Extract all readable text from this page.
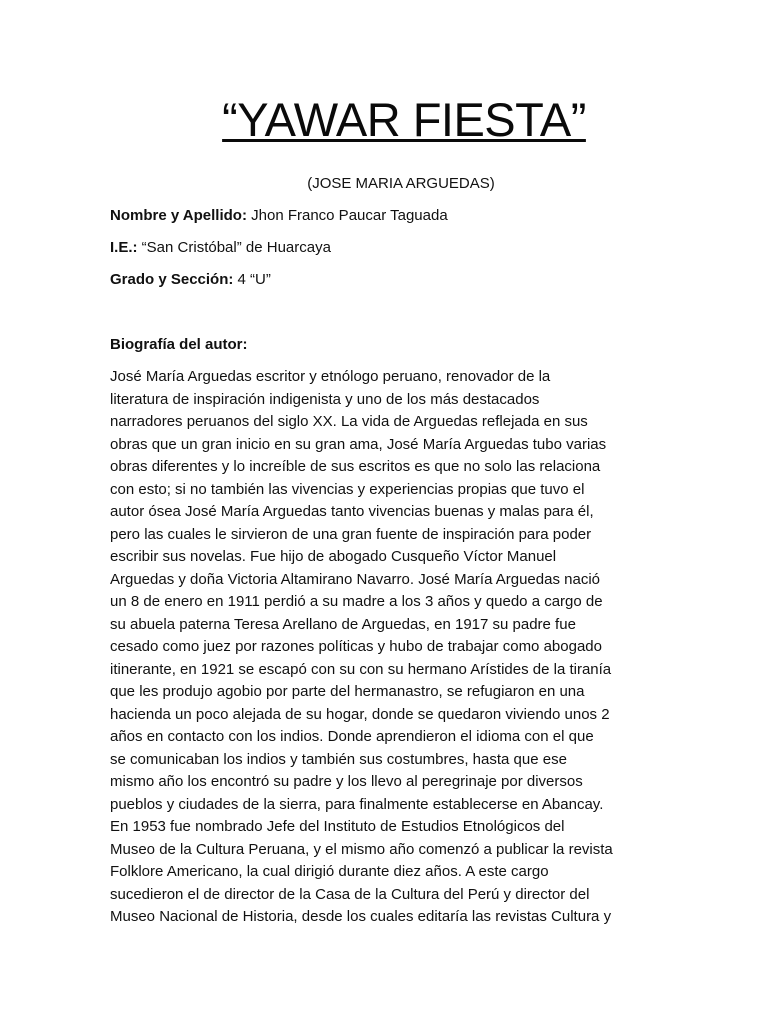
“YAWAR FIESTA”
(JOSE MARIA ARGUEDAS)
Nombre y Apellido: Jhon Franco Paucar Taguada
I.E.: “San Cristóbal” de Huarcaya
Grado y Sección: 4 “U”
Biografía del autor:
José María Arguedas escritor y etnólogo peruano, renovador de la
literatura de inspiración indigenista y uno de los más destacados
narradores peruanos del siglo XX. La vida de Arguedas reflejada en sus
obras que un gran inicio en su gran ama, José María Arguedas tubo varias
obras diferentes y lo increíble de sus escritos es que no solo las relaciona
con esto; si no también las vivencias y experiencias propias que tuvo el
autor ósea José María Arguedas tanto vivencias buenas y malas para él,
pero las cuales le sirvieron de una gran fuente de inspiración para poder
escribir sus novelas. Fue hijo de abogado Cusqueño Víctor Manuel
Arguedas y doña Victoria Altamirano Navarro. José María Arguedas nació
un 8 de enero en 1911 perdió a su madre a los 3 años y quedo a cargo de
su abuela paterna Teresa Arellano de Arguedas, en 1917 su padre fue
cesado como juez por razones políticas y hubo de trabajar como abogado
itinerante, en 1921 se escapó con su con su hermano Arístides de la tiranía
que les produjo agobio por parte del hermanastro, se refugiaron en una
hacienda un poco alejada de su hogar, donde se quedaron viviendo unos 2
años en contacto con los indios. Donde aprendieron el idioma con el que
se comunicaban los indios y también sus costumbres, hasta que ese
mismo año los encontró su padre y los llevo al peregrinaje por diversos
pueblos y ciudades de la sierra, para finalmente establecerse en Abancay.
En 1953 fue nombrado Jefe del Instituto de Estudios Etnológicos del
Museo de la Cultura Peruana, y el mismo año comenzó a publicar la revista
Folklore Americano, la cual dirigió durante diez años. A este cargo
sucedieron el de director de la Casa de la Cultura del Perú y director del
Museo Nacional de Historia, desde los cuales editaría las revistas Cultura y
